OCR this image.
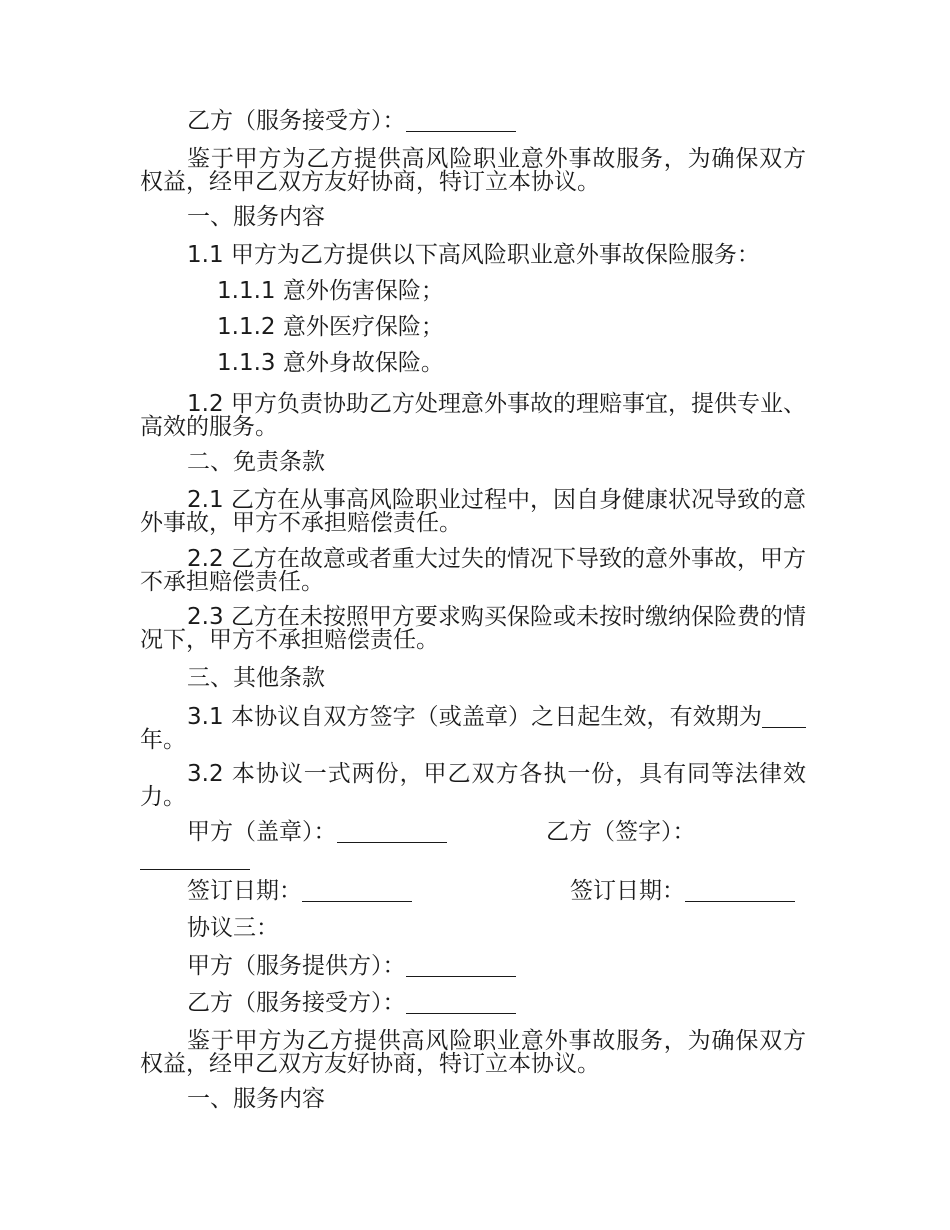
乙方（服务接受方）：
鉴于甲方为乙方提供高风险职业意外事故服务，为确保双方权益，经甲乙双方友好协商，特订立本协议。
一、服务内容
1.1 甲方为乙方提供以下高风险职业意外事故保险服务：
1.1.1 意外伤害保险；
1.1.2 意外医疗保险；
1.1.3 意外身故保险。
1.2 甲方负责协助乙方处理意外事故的理赔事宜，提供专业、高效的服务。
二、免责条款
2.1 乙方在从事高风险职业过程中，因自身健康状况导致的意外事故，甲方不承担赔偿责任。
2.2 乙方在故意或者重大过失的情况下导致的意外事故，甲方不承担赔偿责任。
2.3 乙方在未按照甲方要求购买保险或未按时缴纳保险费的情况下，甲方不承担赔偿责任。
三、其他条款
3.1 本协议自双方签字（或盖章）之日起生效，有效期为年。
3.2 本协议一式两份，甲乙双方各执一份，具有同等法律效力。
甲方（盖章）：	乙方（签字）：
签订日期：	签订日期：
协议三：
甲方（服务提供方）：
乙方（服务接受方）：
鉴于甲方为乙方提供高风险职业意外事故服务，为确保双方权益，经甲乙双方友好协商，特订立本协议。
一、服务内容
